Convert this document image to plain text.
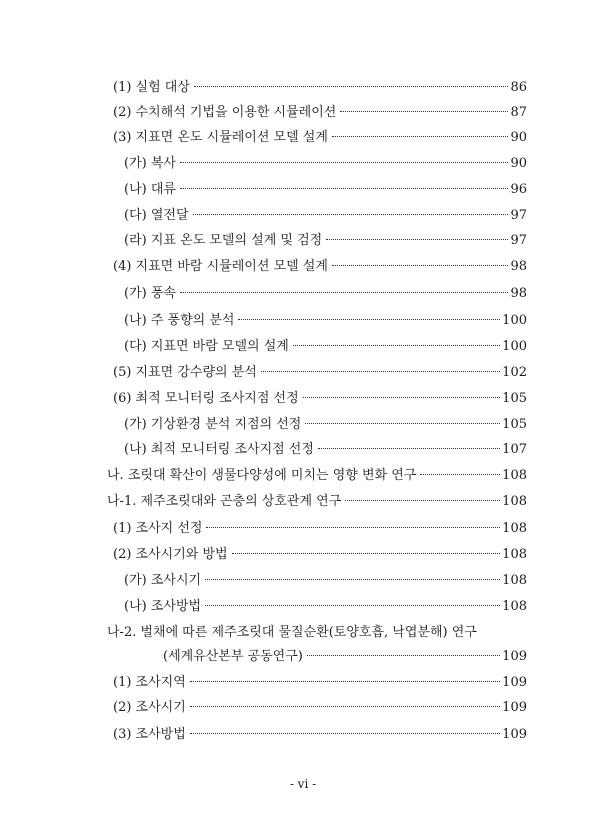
(1) 실험 대상	86
(2) 수치해석 기법을 이용한 시뮬레이션	87
(3) 지표면 온도 시뮬레이션 모델 설계	90
(가) 복사	90
(나) 대류	96
(다) 열전달	97
(라) 지표 온도 모델의 설계 및 검정	97
(4) 지표면 바람 시뮬레이션 모델 설계	98
(가) 풍속	98
(나) 주 풍향의 분석	100
(다) 지표면 바람 모델의 설계	100
(5) 지표면 강수량의 분석	102
(6) 최적 모니터링 조사지점 선정	105
(가) 기상환경 분석 지점의 선정	105
(나) 최적 모니터링 조사지점 선정	107
나. 조릿대 확산이 생물다양성에 미치는 영향 변화 연구	108
나-1. 제주조릿대와 곤충의 상호관계 연구	108
(1) 조사지 선정	108
(2) 조사시기와 방법	108
(가) 조사시기	108
(나) 조사방법	108
나-2. 벌채에 따른 제주조릿대 물질순환(토양호흡, 낙엽분해) 연구
(세계유산본부 공동연구)	109
(1) 조사지역	109
(2) 조사시기	109
(3) 조사방법	109
- vi -
